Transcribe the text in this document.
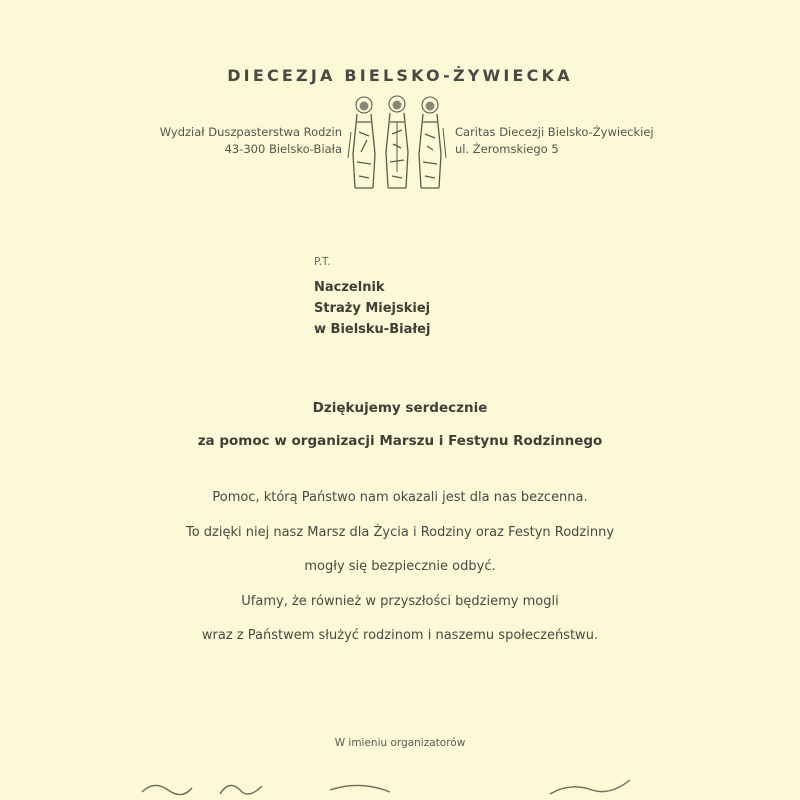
DIECEZJA BIELSKO-ŻYWIECKA
Wydział Duszpasterstwa Rodzin
43-300 Bielsko-Biała
Caritas Diecezji Bielsko-Żywieckiej
ul. Żeromskiego 5
P.T.
Naczelnik
Straży Miejskiej
w Bielsku-Białej
Dziękujemy serdecznie
za pomoc w organizacji Marszu i Festynu Rodzinnego
Pomoc, którą Państwo nam okazali jest dla nas bezcenna.
To dzięki niej nasz Marsz dla Życia i Rodziny oraz Festyn Rodzinny
mogły się bezpiecznie odbyć.
Ufamy, że również w przyszłości będziemy mogli
wraz z Państwem służyć rodzinom i naszemu społeczeństwu.
W imieniu organizatorów
